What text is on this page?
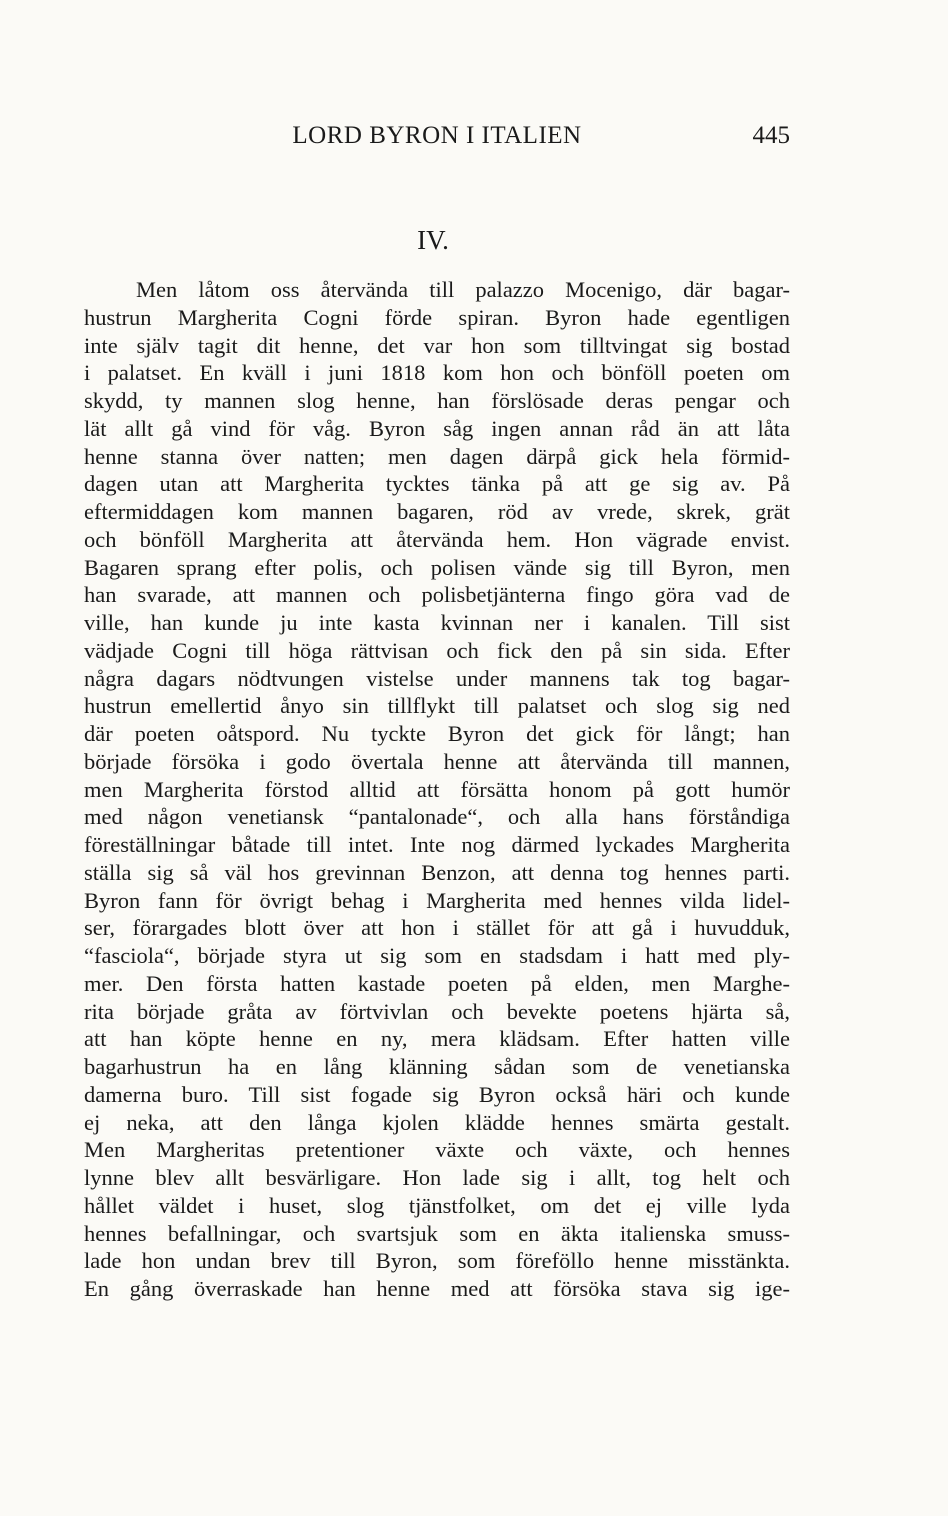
LORD BYRON I ITALIEN	445
IV.
Men låtom oss återvända till palazzo Mocenigo, där bagar-
hustrun Margherita Cogni förde spiran. Byron hade egentligen
inte själv tagit dit henne, det var hon som tilltvingat sig bostad
i palatset. En kväll i juni 1818 kom hon och bönföll poeten om
skydd, ty mannen slog henne, han förslösade deras pengar och
lät allt gå vind för våg. Byron såg ingen annan råd än att låta
henne stanna över natten; men dagen därpå gick hela förmid-
dagen utan att Margherita tycktes tänka på att ge sig av. På
eftermiddagen kom mannen bagaren, röd av vrede, skrek, grät
och bönföll Margherita att återvända hem. Hon vägrade envist.
Bagaren sprang efter polis, och polisen vände sig till Byron, men
han svarade, att mannen och polisbetjänterna fingo göra vad de
ville, han kunde ju inte kasta kvinnan ner i kanalen. Till sist
vädjade Cogni till höga rättvisan och fick den på sin sida. Efter
några dagars nödtvungen vistelse under mannens tak tog bagar-
hustrun emellertid ånyo sin tillflykt till palatset och slog sig ned
där poeten oåtspord. Nu tyckte Byron det gick för långt; han
började försöka i godo övertala henne att återvända till mannen,
men Margherita förstod alltid att försätta honom på gott humör
med någon venetiansk “pantalonade“, och alla hans förståndiga
föreställningar båtade till intet. Inte nog därmed lyckades Margherita
ställa sig så väl hos grevinnan Benzon, att denna tog hennes parti.
Byron fann för övrigt behag i Margherita med hennes vilda lidel-
ser, förargades blott över att hon i stället för att gå i huvudduk,
“fasciola“, började styra ut sig som en stadsdam i hatt med ply-
mer. Den första hatten kastade poeten på elden, men Marghe-
rita började gråta av förtvivlan och bevekte poetens hjärta så,
att han köpte henne en ny, mera klädsam. Efter hatten ville
bagarhustrun ha en lång klänning sådan som de venetianska
damerna buro. Till sist fogade sig Byron också häri och kunde
ej neka, att den långa kjolen klädde hennes smärta gestalt.
Men Margheritas pretentioner växte och växte, och hennes
lynne blev allt besvärligare. Hon lade sig i allt, tog helt och
hållet väldet i huset, slog tjänstfolket, om det ej ville lyda
hennes befallningar, och svartsjuk som en äkta italienska smuss-
lade hon undan brev till Byron, som föreföllo henne misstänkta.
En gång överraskade han henne med att försöka stava sig ige-
